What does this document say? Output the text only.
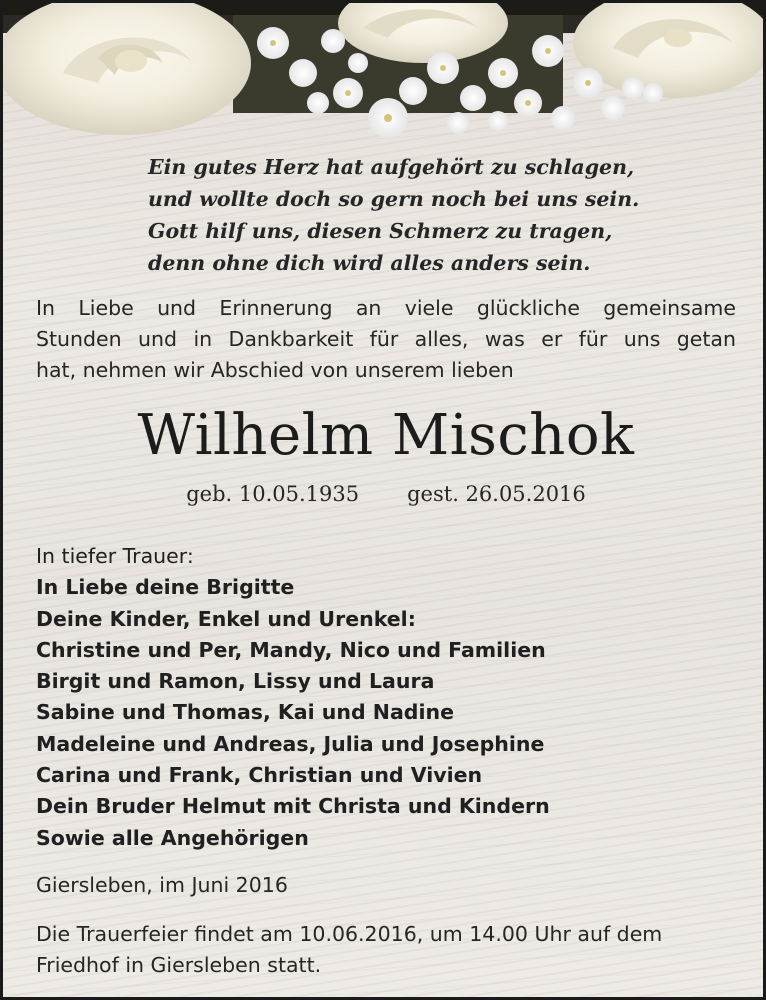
Ein gutes Herz hat aufgehört zu schlagen,
und wollte doch so gern noch bei uns sein.
Gott hilf uns, diesen Schmerz zu tragen,
denn ohne dich wird alles anders sein.
In Liebe und Erinnerung an viele glückliche gemeinsame
Stunden und in Dankbarkeit für alles, was er für uns getan
hat, nehmen wir Abschied von unserem lieben
Wilhelm Mischok
geb. 10.05.1935 gest. 26.05.2016
In tiefer Trauer:
In Liebe deine Brigitte
Deine Kinder, Enkel und Urenkel:
Christine und Per, Mandy, Nico und Familien
Birgit und Ramon, Lissy und Laura
Sabine und Thomas, Kai und Nadine
Madeleine und Andreas, Julia und Josephine
Carina und Frank, Christian und Vivien
Dein Bruder Helmut mit Christa und Kindern
Sowie alle Angehörigen
Giersleben, im Juni 2016
Die Trauerfeier findet am 10.06.2016, um 14.00 Uhr auf dem
Friedhof in Giersleben statt.
